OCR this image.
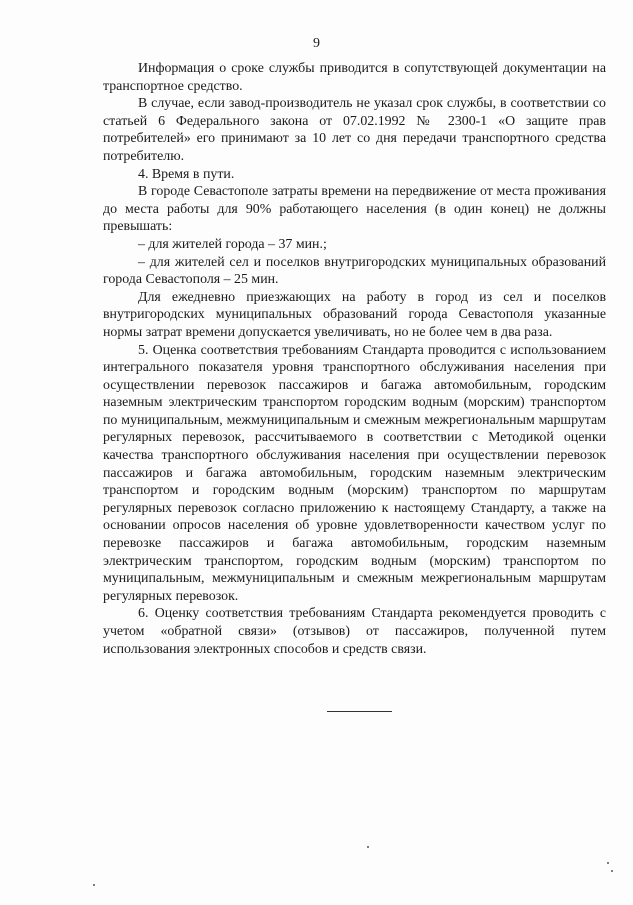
9

Информация о сроке службы приводится в сопутствующей документации на транспортное средство.

В случае, если завод-производитель не указал срок службы, в соответствии со статьей 6 Федерального закона от 07.02.1992 № 2300-1 «О защите прав потребителей» его принимают за 10 лет со дня передачи транспортного средства потребителю.

4. Время в пути.

В городе Севастополе затраты времени на передвижение от места проживания до места работы для 90% работающего населения (в один конец) не должны превышать:

– для жителей города – 37 мин.;

– для жителей сел и поселков внутригородских муниципальных образований города Севастополя – 25 мин.

Для ежедневно приезжающих на работу в город из сел и поселков внутригородских муниципальных образований города Севастополя указанные нормы затрат времени допускается увеличивать, но не более чем в два раза.

5. Оценка соответствия требованиям Стандарта проводится с использованием интегрального показателя уровня транспортного обслуживания населения при осуществлении перевозок пассажиров и багажа автомобильным, городским наземным электрическим транспортом городским водным (морским) транспортом по муниципальным, межмуниципальным и смежным межрегиональным маршрутам регулярных перевозок, рассчитываемого в соответствии с Методикой оценки качества транспортного обслуживания населения при осуществлении перевозок пассажиров и багажа автомобильным, городским наземным электрическим транспортом и городским водным (морским) транспортом по маршрутам регулярных перевозок согласно приложению к настоящему Стандарту, а также на основании опросов населения об уровне удовлетворенности качеством услуг по перевозке пассажиров и багажа автомобильным, городским наземным электрическим транспортом, городским водным (морским) транспортом по муниципальным, межмуниципальным и смежным межрегиональным маршрутам регулярных перевозок.

6. Оценку соответствия требованиям Стандарта рекомендуется проводить с учетом «обратной связи» (отзывов) от пассажиров, полученной путем использования электронных способов и средств связи.
